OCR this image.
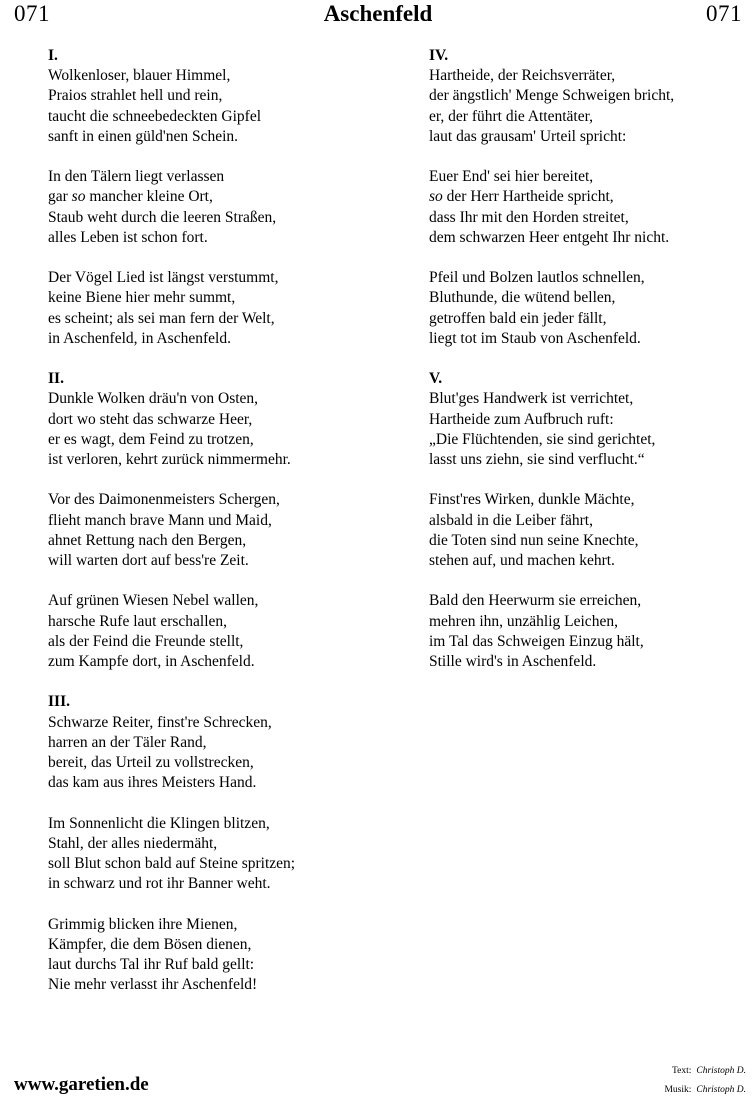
071	Aschenfeld	071
I.
Wolkenloser, blauer Himmel,
Praios strahlet hell und rein,
taucht die schneebedeckten Gipfel
sanft in einen güld'nen Schein.
In den Tälern liegt verlassen
gar so mancher kleine Ort,
Staub weht durch die leeren Straßen,
alles Leben ist schon fort.
Der Vögel Lied ist längst verstummt,
keine Biene hier mehr summt,
es scheint; als sei man fern der Welt,
in Aschenfeld, in Aschenfeld.
II.
Dunkle Wolken dräu'n von Osten,
dort wo steht das schwarze Heer,
er es wagt, dem Feind zu trotzen,
ist verloren, kehrt zurück nimmermehr.
Vor des Daimonenmeisters Schergen,
flieht manch brave Mann und Maid,
ahnet Rettung nach den Bergen,
will warten dort auf bess're Zeit.
Auf grünen Wiesen Nebel wallen,
harsche Rufe laut erschallen,
als der Feind die Freunde stellt,
zum Kampfe dort, in Aschenfeld.
III.
Schwarze Reiter, finst're Schrecken,
harren an der Täler Rand,
bereit, das Urteil zu vollstrecken,
das kam aus ihres Meisters Hand.
Im Sonnenlicht die Klingen blitzen,
Stahl, der alles niedermäht,
soll Blut schon bald auf Steine spritzen;
in schwarz und rot ihr Banner weht.
Grimmig blicken ihre Mienen,
Kämpfer, die dem Bösen dienen,
laut durchs Tal ihr Ruf bald gellt:
Nie mehr verlasst ihr Aschenfeld!
IV.
Hartheide, der Reichsverräter,
der ängstlich' Menge Schweigen bricht,
er, der führt die Attentäter,
laut das grausam' Urteil spricht:
Euer End' sei hier bereitet,
so der Herr Hartheide spricht,
dass Ihr mit den Horden streitet,
dem schwarzen Heer entgeht Ihr nicht.
Pfeil und Bolzen lautlos schnellen,
Bluthunde, die wütend bellen,
getroffen bald ein jeder fällt,
liegt tot im Staub von Aschenfeld.
V.
Blut'ges Handwerk ist verrichtet,
Hartheide zum Aufbruch ruft:
„Die Flüchtenden, sie sind gerichtet,
lasst uns ziehn, sie sind verflucht.“
Finst'res Wirken, dunkle Mächte,
alsbald in die Leiber fährt,
die Toten sind nun seine Knechte,
stehen auf, und machen kehrt.
Bald den Heerwurm sie erreichen,
mehren ihn, unzählig Leichen,
im Tal das Schweigen Einzug hält,
Stille wird's in Aschenfeld.
www.garetien.de
Text: Christoph D.
Musik: Christoph D.
